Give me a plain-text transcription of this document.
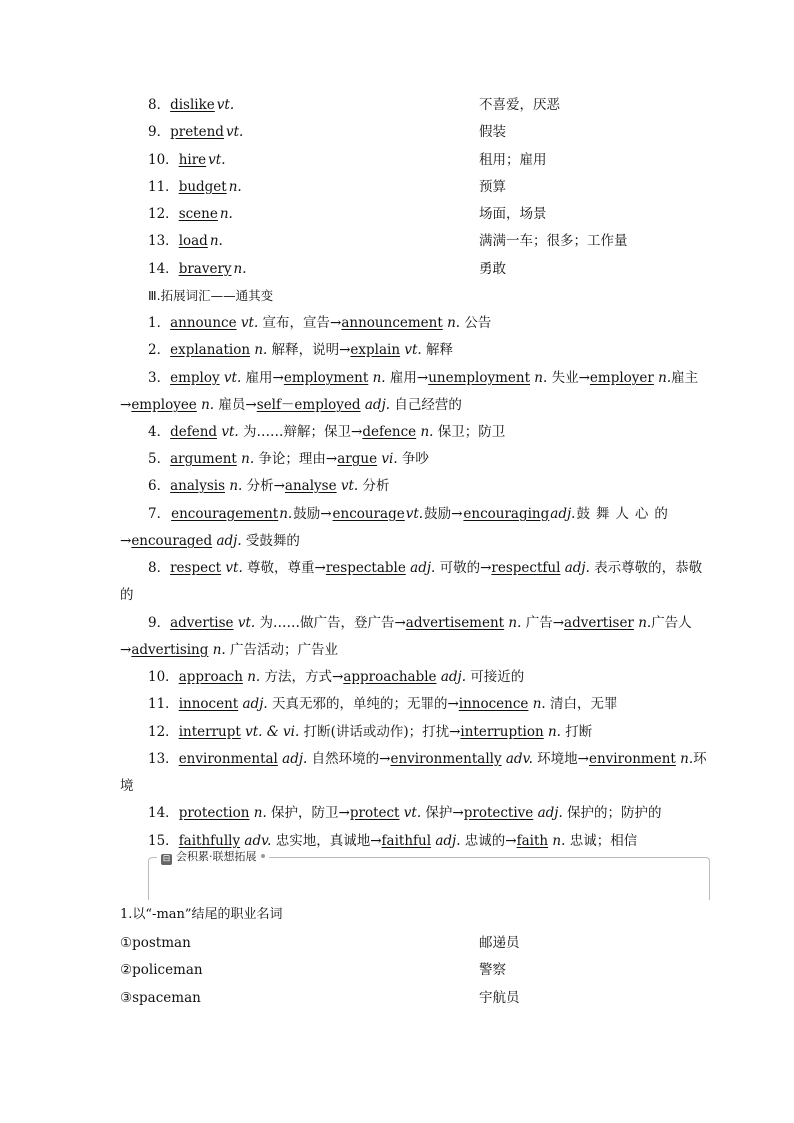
8．dislike vt.	不喜爱，厌恶
9．pretend vt.	假装
10．hire vt.	租用；雇用
11．budget n.	预算
12．scene n.	场面，场景
13．load n.	满满一车；很多；工作量
14．bravery n.	勇敢
Ⅲ.拓展词汇——通其变
1．announce vt. 宣布，宣告→announcement n. 公告
2．explanation n. 解释，说明→explain vt. 解释
3．employ vt. 雇用→employment n. 雇用→unemployment n. 失业→employer n. 雇主
→employee n. 雇员→self－employed adj. 自己经营的
4．defend vt. 为……辩解；保卫→defence n. 保卫；防卫
5．argument n. 争论；理由→argue vi. 争吵
6．analysis n. 分析→analyse vt. 分析
7． encouragement n. 鼓励→ encourage vt. 鼓励→ encouraging adj. 鼓舞人心的
→encouraged adj. 受鼓舞的
8．respect vt. 尊敬，尊重→respectable adj. 可敬的→respectful adj. 表示尊敬的，恭敬
的
9．advertise vt. 为……做广告，登广告→advertisement n. 广告→advertiser n. 广告人
→advertising n. 广告活动；广告业
10．approach n. 方法，方式→approachable adj. 可接近的
11．innocent adj. 天真无邪的，单纯的；无罪的→innocence n. 清白，无罪
12．interrupt vt. & vi. 打断(讲话或动作)；打扰→interruption n. 打断
13．environmental adj. 自然环境的→environmentally adv. 环境地→environment n. 环
境
14．protection n. 保护，防卫→protect vt. 保护→protective adj. 保护的；防护的
15．faithfully adv. 忠实地，真诚地→faithful adj. 忠诚的→faith n. 忠诚；相信
⊟ 会积累·联想拓展
1.以“-man”结尾的职业名词
①postman	邮递员
②policeman	警察
③spaceman	宇航员
